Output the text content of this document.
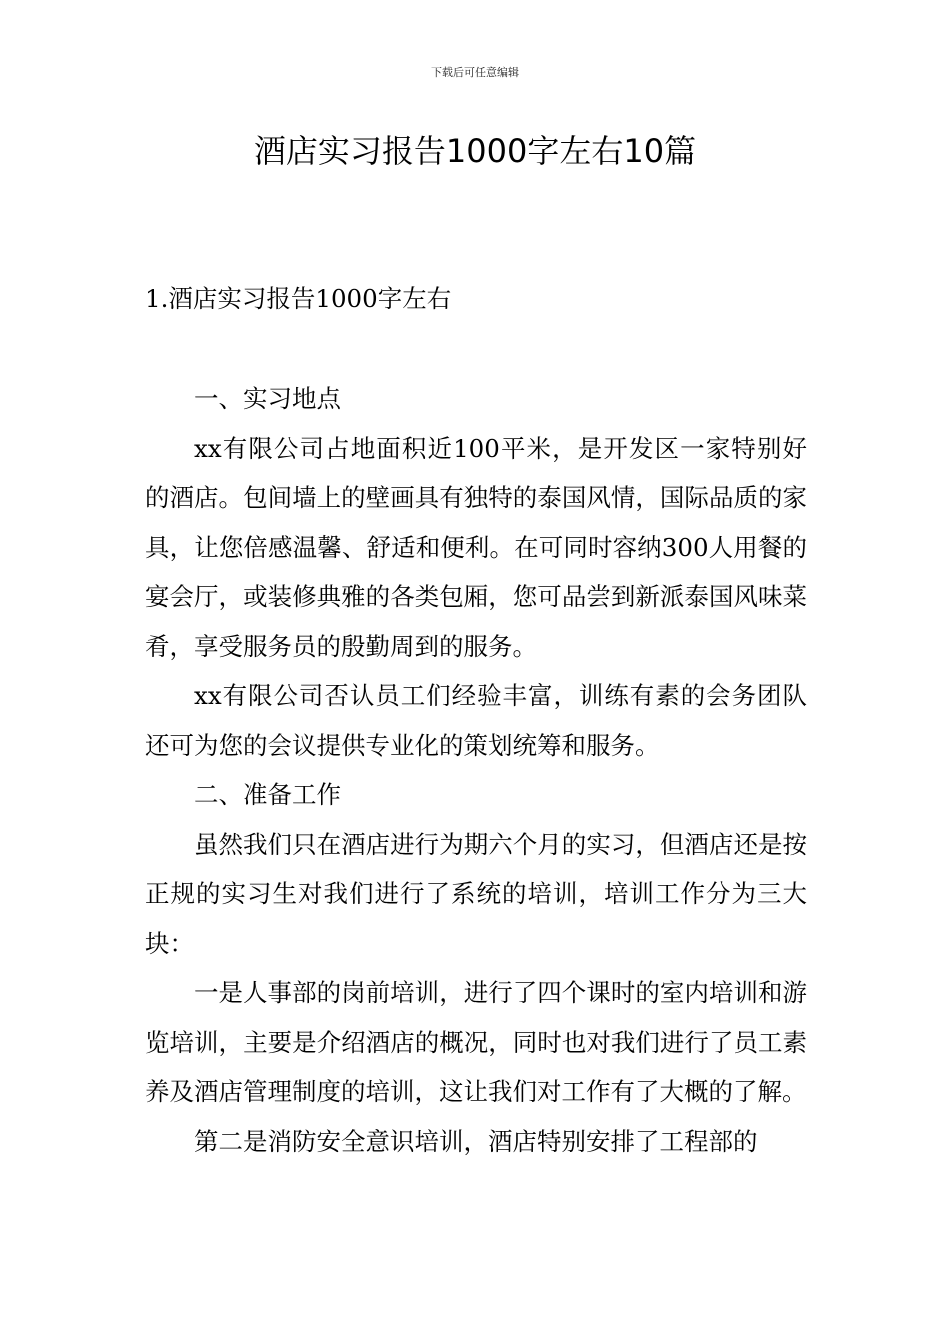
下载后可任意编辑
酒店实习报告1000字左右10篇

1.酒店实习报告1000字左右

一、实习地点

xx有限公司占地面积近100平米，是开发区一家特别好的酒店。包间墙上的壁画具有独特的泰国风情，国际品质的家具，让您倍感温馨、舒适和便利。在可同时容纳300人用餐的宴会厅，或装修典雅的各类包厢，您可品尝到新派泰国风味菜肴，享受服务员的殷勤周到的服务。

xx有限公司否认员工们经验丰富，训练有素的会务团队还可为您的会议提供专业化的策划统筹和服务。

二、准备工作

虽然我们只在酒店进行为期六个月的实习，但酒店还是按正规的实习生对我们进行了系统的培训，培训工作分为三大块：

一是人事部的岗前培训，进行了四个课时的室内培训和游览培训，主要是介绍酒店的概况，同时也对我们进行了员工素养及酒店管理制度的培训，这让我们对工作有了大概的了解。

第二是消防安全意识培训，酒店特别安排了工程部的
